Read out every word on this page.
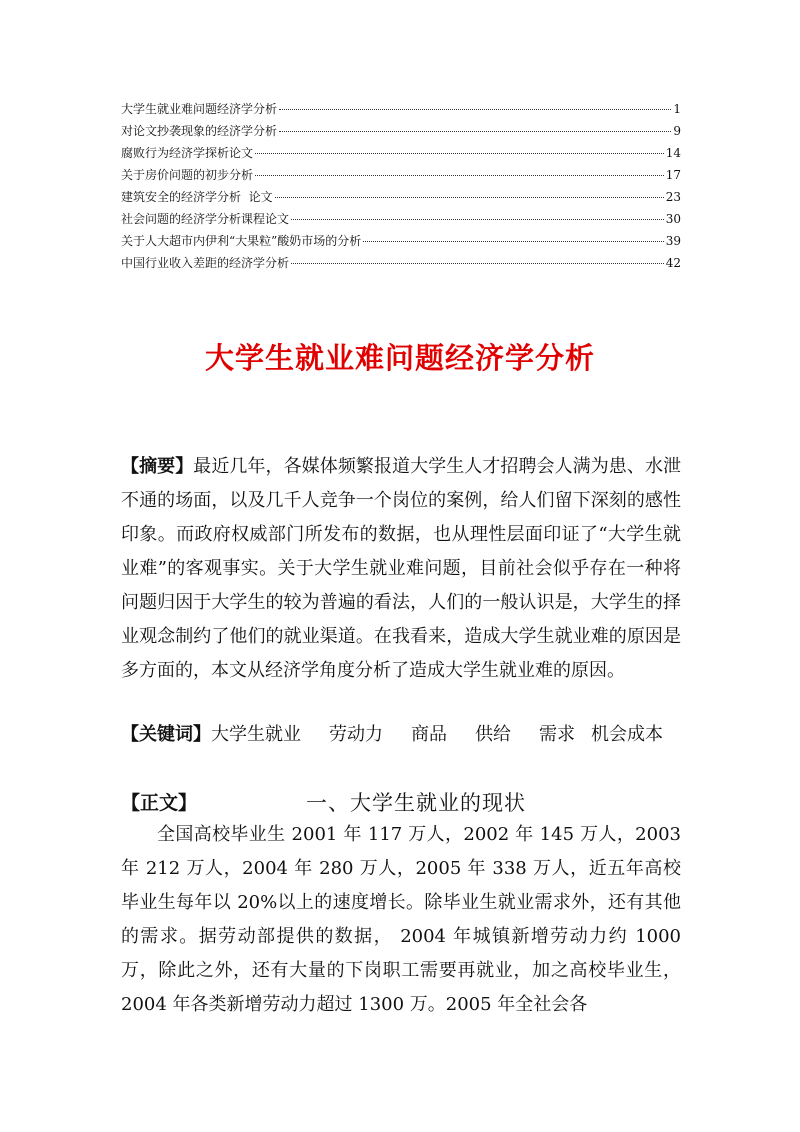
大学生就业难问题经济学分析	1
对论文抄袭现象的经济学分析	9
腐败行为经济学探析论文	14
关于房价问题的初步分析	17
建筑安全的经济学分析  论文	23
社会问题的经济学分析课程论文	30
关于人大超市内伊利“大果粒”酸奶市场的分析	39
中国行业收入差距的经济学分析	42
大学生就业难问题经济学分析
【摘要】最近几年，各媒体频繁报道大学生人才招聘会人满为患、水泄不通的场面，以及几千人竞争一个岗位的案例，给人们留下深刻的感性印象。而政府权威部门所发布的数据，也从理性层面印证了“大学生就业难”的客观事实。关于大学生就业难问题，目前社会似乎存在一种将问题归因于大学生的较为普遍的看法，人们的一般认识是，大学生的择业观念制约了他们的就业渠道。在我看来，造成大学生就业难的原因是多方面的，本文从经济学角度分析了造成大学生就业难的原因。
【关键词】大学生就业 劳动力 商品 供给 需求 机会成本
【正文】	一、大学生就业的现状
全国高校毕业生 2001 年 117 万人，2002 年 145 万人，2003 年 212 万人，2004 年 280 万人，2005 年 338 万人，近五年高校毕业生每年以 20%以上的速度增长。除毕业生就业需求外，还有其他的需求。据劳动部提供的数据， 2004 年城镇新增劳动力约 1000 万，除此之外，还有大量的下岗职工需要再就业，加之高校毕业生，2004 年各类新增劳动力超过 1300 万。2005 年全社会各
